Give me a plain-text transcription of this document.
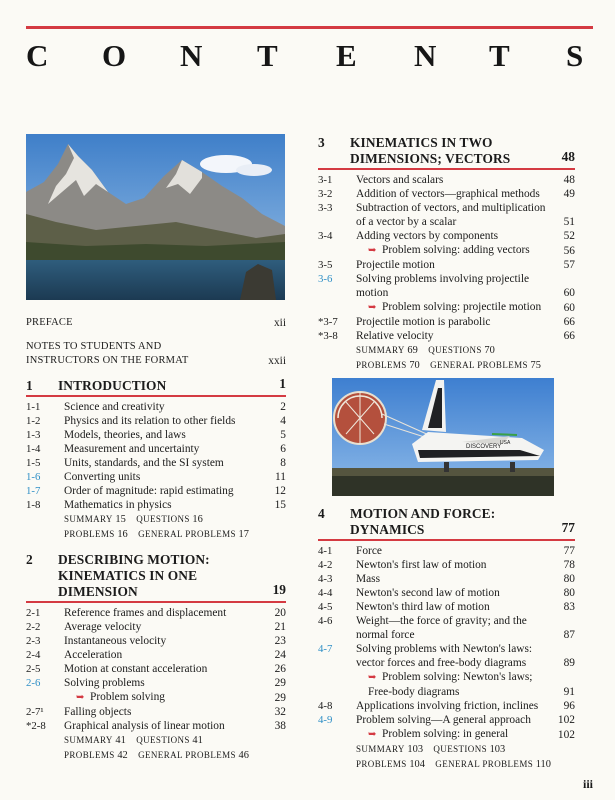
C O N T E N T S
DISCOVERY
USA
PREFACE	xii
NOTES TO STUDENTS AND
INSTRUCTORS ON THE FORMAT	xxii
1 INTRODUCTION	1
1-1 Science and creativity	2
1-2 Physics and its relation to other fields	4
1-3 Models, theories, and laws	5
1-4 Measurement and uncertainty	6
1-5 Units, standards, and the SI system	8
1-6 Converting units	11
1-7 Order of magnitude: rapid estimating	12
1-8 Mathematics in physics	15
SUMMARY 15    QUESTIONS 16
PROBLEMS 16    GENERAL PROBLEMS 17
2 DESCRIBING MOTION:
KINEMATICS IN ONE
DIMENSION	19
2-1 Reference frames and displacement	20
2-2 Average velocity	21
2-3 Instantaneous velocity	23
2-4 Acceleration	24
2-5 Motion at constant acceleration	26
2-6 Solving problems	29
➥ Problem solving	29
2-7¹ Falling objects	32
*2-8 Graphical analysis of linear motion	38
SUMMARY 41    QUESTIONS 41
PROBLEMS 42    GENERAL PROBLEMS 46
3 KINEMATICS IN TWO
DIMENSIONS; VECTORS	48
3-1 Vectors and scalars	48
3-2 Addition of vectors—graphical methods	49
3-3 Subtraction of vectors, and multiplication of a vector by a scalar	51
3-4 Adding vectors by components	52
➥ Problem solving: adding vectors	56
3-5 Projectile motion	57
3-6 Solving problems involving projectile motion	60
➥ Problem solving: projectile motion	60
*3-7 Projectile motion is parabolic	66
*3-8 Relative velocity	66
SUMMARY 69    QUESTIONS 70
PROBLEMS 70    GENERAL PROBLEMS 75
4 MOTION AND FORCE:
DYNAMICS	77
4-1 Force	77
4-2 Newton's first law of motion	78
4-3 Mass	80
4-4 Newton's second law of motion	80
4-5 Newton's third law of motion	83
4-6 Weight—the force of gravity; and the normal force	87
4-7 Solving problems with Newton's laws: vector forces and free-body diagrams	89
➥ Problem solving: Newton's laws; Free-body diagrams	91
4-8 Applications involving friction, inclines	96
4-9 Problem solving—A general approach	102
➥ Problem solving: in general	102
SUMMARY 103    QUESTIONS 103
PROBLEMS 104    GENERAL PROBLEMS 110
iii
